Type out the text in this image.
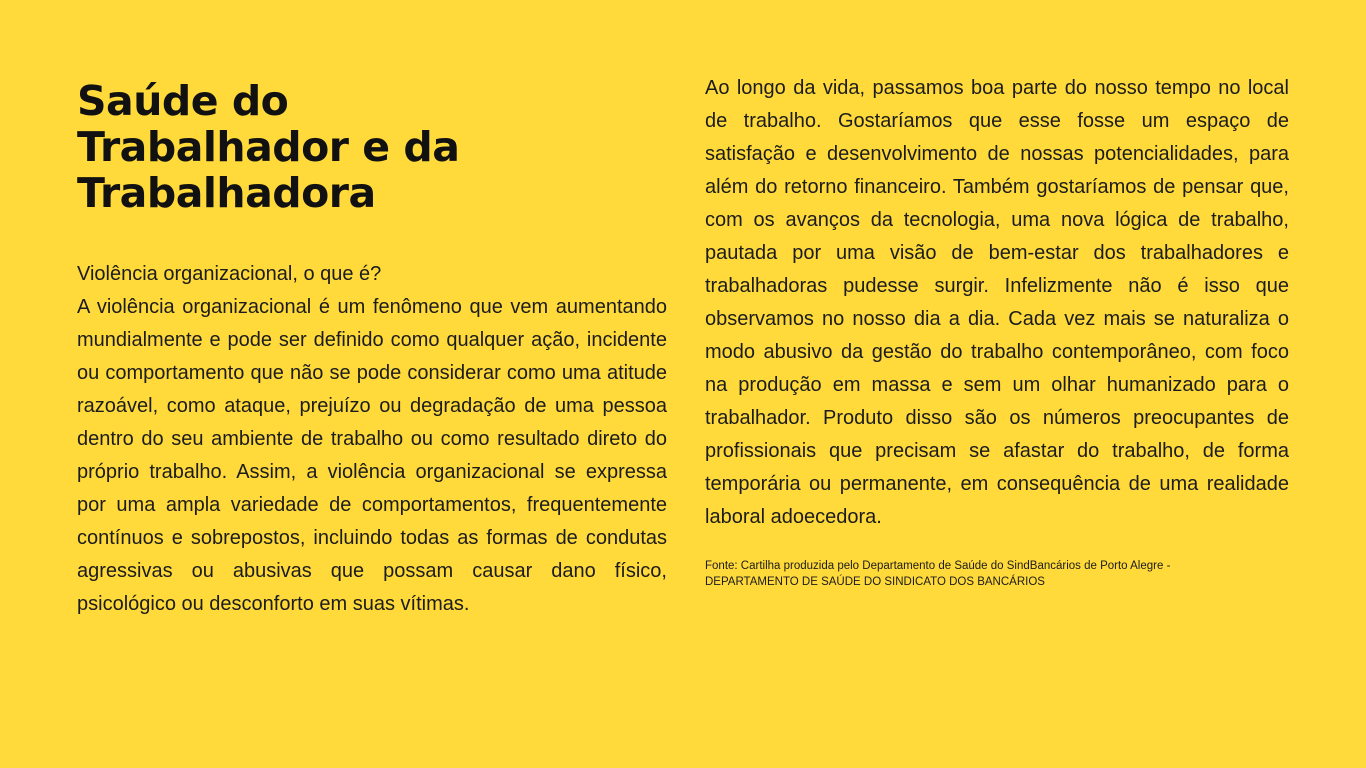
Saúde do Trabalhador e da Trabalhadora
Violência organizacional, o que é?
A violência organizacional é um fenômeno que vem aumentando mundialmente e pode ser definido como qualquer ação, incidente ou comportamento que não se pode considerar como uma atitude razoável, como ataque, prejuízo ou degradação de uma pessoa dentro do seu ambiente de trabalho ou como resultado direto do próprio trabalho. Assim, a violência organizacional se expressa por uma ampla variedade de comportamentos, frequentemente contínuos e sobrepostos, incluindo todas as formas de condutas agressivas ou abusivas que possam causar dano físico, psicológico ou desconforto em suas vítimas.

Ao longo da vida, passamos boa parte do nosso tempo no local de trabalho. Gostaríamos que esse fosse um espaço de satisfação e desenvolvimento de nossas potencialidades, para além do retorno financeiro. Também gostaríamos de pensar que, com os avanços da tecnologia, uma nova lógica de trabalho, pautada por uma visão de bem-estar dos trabalhadores e trabalhadoras pudesse surgir. Infelizmente não é isso que observamos no nosso dia a dia. Cada vez mais se naturaliza o modo abusivo da gestão do trabalho contemporâneo, com foco na produção em massa e sem um olhar humanizado para o trabalhador. Produto disso são os números preocupantes de profissionais que precisam se afastar do trabalho, de forma temporária ou permanente, em consequência de uma realidade laboral adoecedora.

Fonte: Cartilha produzida pelo Departamento de Saúde do SindBancários de Porto Alegre -
DEPARTAMENTO DE SAÚDE DO SINDICATO DOS BANCÁRIOS
